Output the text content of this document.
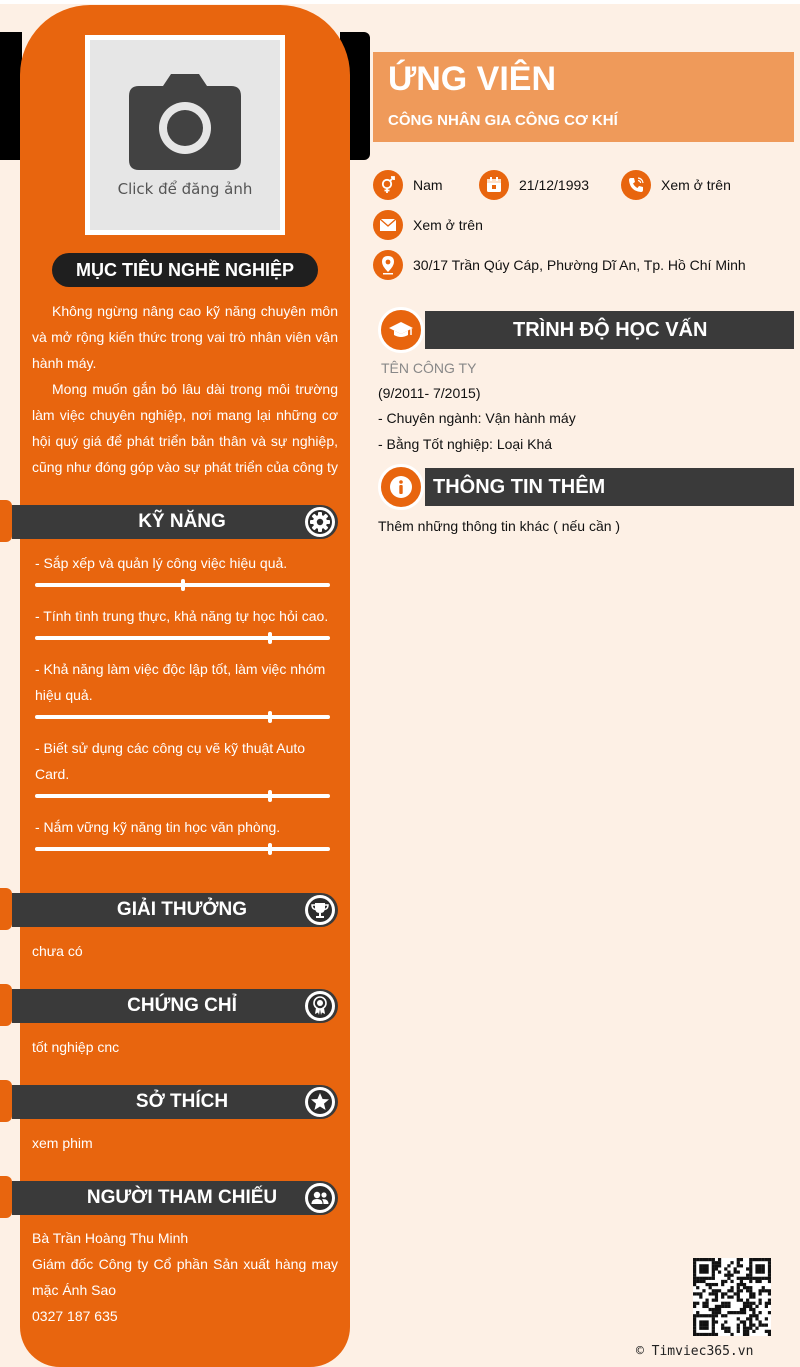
Click để đăng ảnh
MỤC TIÊU NGHỀ NGHIỆP

Không ngừng nâng cao kỹ năng chuyên môn và mở rộng kiến thức trong vai trò nhân viên vận hành máy.

Mong muốn gắn bó lâu dài trong môi trường làm việc chuyên nghiệp, nơi mang lại những cơ hội quý giá để phát triển bản thân và sự nghiệp, cũng như đóng góp vào sự phát triển của công ty

KỸ NĂNG
- Sắp xếp và quản lý công việc hiệu quả.
- Tính tình trung thực, khả năng tự học hỏi cao.
- Khả năng làm việc độc lập tốt, làm việc nhóm hiệu quả.
- Biết sử dụng các công cụ vẽ kỹ thuật Auto Card.
- Nắm vững kỹ năng tin học văn phòng.
GIẢI THƯỞNG
chưa có
CHỨNG CHỈ
tốt nghiệp cnc
SỞ THÍCH
xem phim
NGƯỜI THAM CHIẾU

Bà Trần Hoàng Thu Minh

Giám đốc Công ty Cổ phần Sản xuất hàng may mặc Ánh Sao

0327 187 635

ỨNG VIÊN
CÔNG NHÂN GIA CÔNG CƠ KHÍ
Nam	21/12/1993	Xem ở trên
Xem ở trên
30/17 Trần Qúy Cáp, Phường Dĩ An, Tp. Hồ Chí Minh
TRÌNH ĐỘ HỌC VẤN
TÊN CÔNG TY
(9/2011- 7/2015)
- Chuyên ngành: Vận hành máy
- Bằng Tốt nghiệp: Loại Khá
THÔNG TIN THÊM
Thêm những thông tin khác ( nếu cần )
© Timviec365.vn
